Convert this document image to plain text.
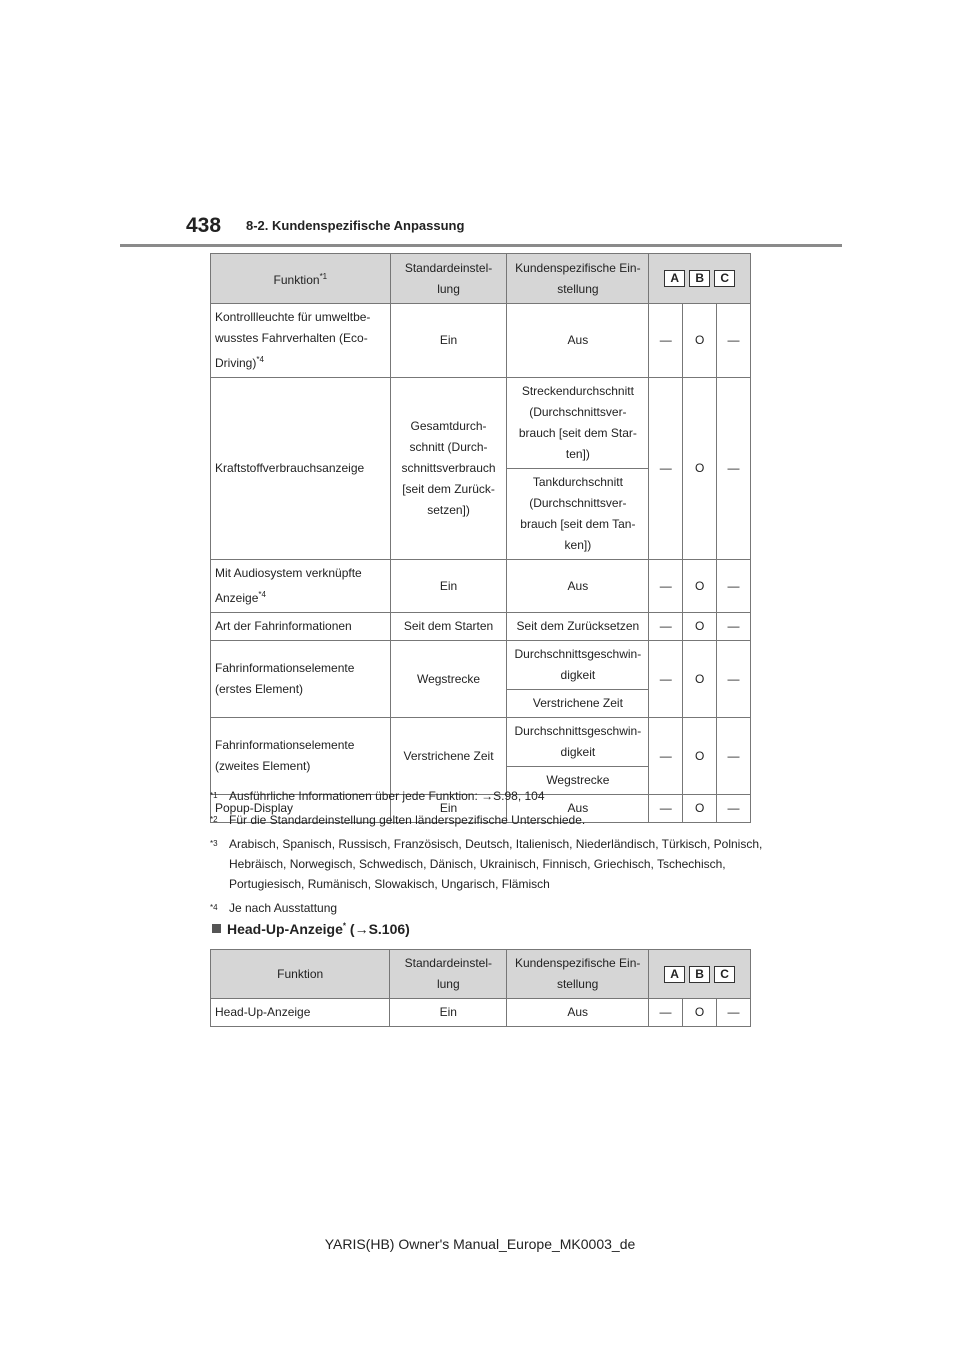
438 8-2. Kundenspezifische Anpassung
Funktion$^{*1}$	Standardeinstel-lung	Kundenspezifische Ein-stellung	A B C		

Kontrollleuchte für umweltbe-wusstes Fahrverhalten (Eco-Driving)$^{*4}$	Ein	Aus	—	O	—
Kraftstoffverbrauchsanzeige	Gesamtdurch-schnitt (Durch-schnittsverbrauch [seit dem Zurück-setzen])	Streckendurchschnitt (Durchschnittsver-brauch [seit dem Star-ten])	—	O	—
		Tankdurchschnitt (Durchschnittsver-brauch [seit dem Tan-ken])			
Mit Audiosystem verknüpfte Anzeige$^{*4}$	Ein	Aus	—	O	—
Art der Fahrinformationen	Seit dem Starten	Seit dem Zurücksetzen	—	O	—
Fahrinformationselemente (erstes Element)	Wegstrecke	Durchschnittsgeschwin-digkeit	—	O	—
		Verstrichene Zeit			
Fahrinformationselemente (zweites Element)	Verstrichene Zeit	Durchschnittsgeschwin-digkeit	—	O	—
		Wegstrecke			
Popup-Display	Ein	Aus	—	O	—
*1 Ausführliche Informationen über jede Funktion: →S.98, 104
*2 Für die Standardeinstellung gelten länderspezifische Unterschiede.
*3 Arabisch, Spanisch, Russisch, Französisch, Deutsch, Italienisch, Niederländisch, Türkisch, Polnisch, Hebräisch, Norwegisch, Schwedisch, Dänisch, Ukrainisch, Finnisch, Griechisch, Tschechisch, Portugiesisch, Rumänisch, Slowakisch, Ungarisch, Flämisch
*4 Je nach Ausstattung
Head-Up-Anzeige* (→S.106)
Funktion	Standardeinstel-lung	Kundenspezifische Ein-stellung	A B C		

Head-Up-Anzeige	Ein	Aus	—	O	—
YARIS(HB) Owner's Manual_Europe_MK0003_de
